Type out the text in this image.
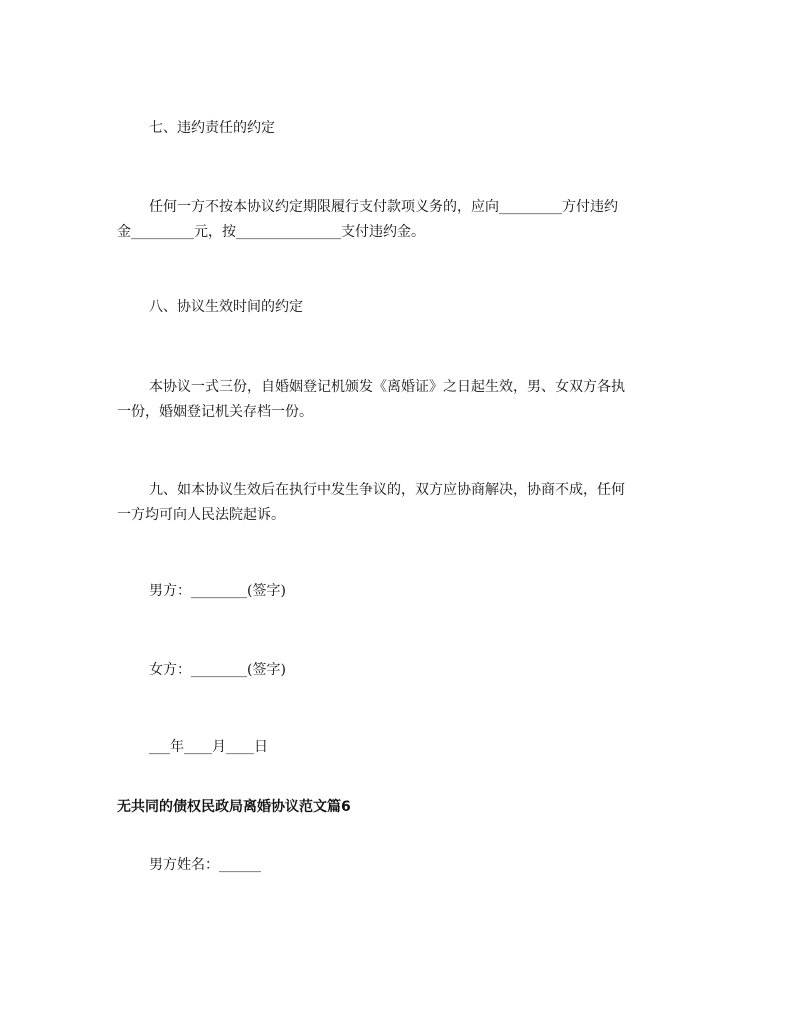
七、违约责任的约定
任何一方不按本协议约定期限履行支付款项义务的，应向_________方付违约
金_________元，按_______________支付违约金。
八、协议生效时间的约定
本协议一式三份，自婚姻登记机颁发《离婚证》之日起生效，男、女双方各执
一份，婚姻登记机关存档一份。
九、如本协议生效后在执行中发生争议的，双方应协商解决，协商不成，任何
一方均可向人民法院起诉。
男方：________(签字)
女方：________(签字)
___年____月____日
无共同的债权民政局离婚协议范文篇6
男方姓名：______
